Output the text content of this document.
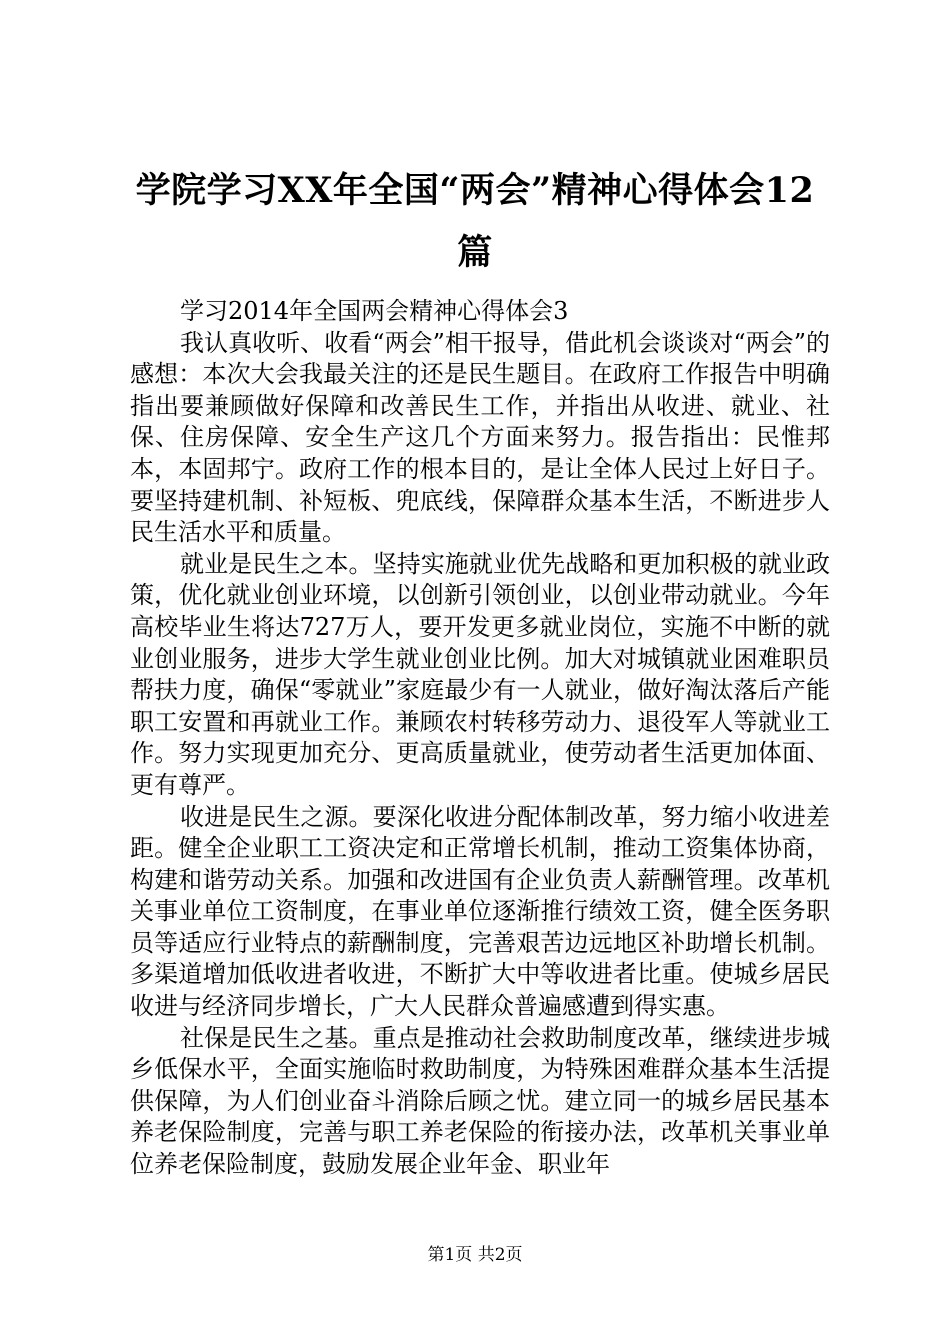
学院学习XX年全国“两会”精神心得体会12篇

学习2014年全国两会精神心得体会3

我认真收听、收看“两会”相干报导，借此机会谈谈对“两会”的感想：本次大会我最关注的还是民生题目。在政府工作报告中明确指出要兼顾做好保障和改善民生工作，并指出从收进、就业、社保、住房保障、安全生产这几个方面来努力。报告指出：民惟邦本，本固邦宁。政府工作的根本目的，是让全体人民过上好日子。要坚持建机制、补短板、兜底线，保障群众基本生活，不断进步人民生活水平和质量。

就业是民生之本。坚持实施就业优先战略和更加积极的就业政策，优化就业创业环境，以创新引领创业，以创业带动就业。今年高校毕业生将达727万人，要开发更多就业岗位，实施不中断的就业创业服务，进步大学生就业创业比例。加大对城镇就业困难职员帮扶力度，确保“零就业”家庭最少有一人就业，做好淘汰落后产能职工安置和再就业工作。兼顾农村转移劳动力、退役军人等就业工作。努力实现更加充分、更高质量就业，使劳动者生活更加体面、更有尊严。

收进是民生之源。要深化收进分配体制改革，努力缩小收进差距。健全企业职工工资决定和正常增长机制，推动工资集体协商，构建和谐劳动关系。加强和改进国有企业负责人薪酬管理。改革机关事业单位工资制度，在事业单位逐渐推行绩效工资，健全医务职员等适应行业特点的薪酬制度，完善艰苦边远地区补助增长机制。多渠道增加低收进者收进，不断扩大中等收进者比重。使城乡居民收进与经济同步增长，广大人民群众普遍感遭到得实惠。

社保是民生之基。重点是推动社会救助制度改革，继续进步城乡低保水平，全面实施临时救助制度，为特殊困难群众基本生活提供保障，为人们创业奋斗消除后顾之忧。建立同一的城乡居民基本养老保险制度，完善与职工养老保险的衔接办法，改革机关事业单位养老保险制度，鼓励发展企业年金、职业年

第1页 共2页
